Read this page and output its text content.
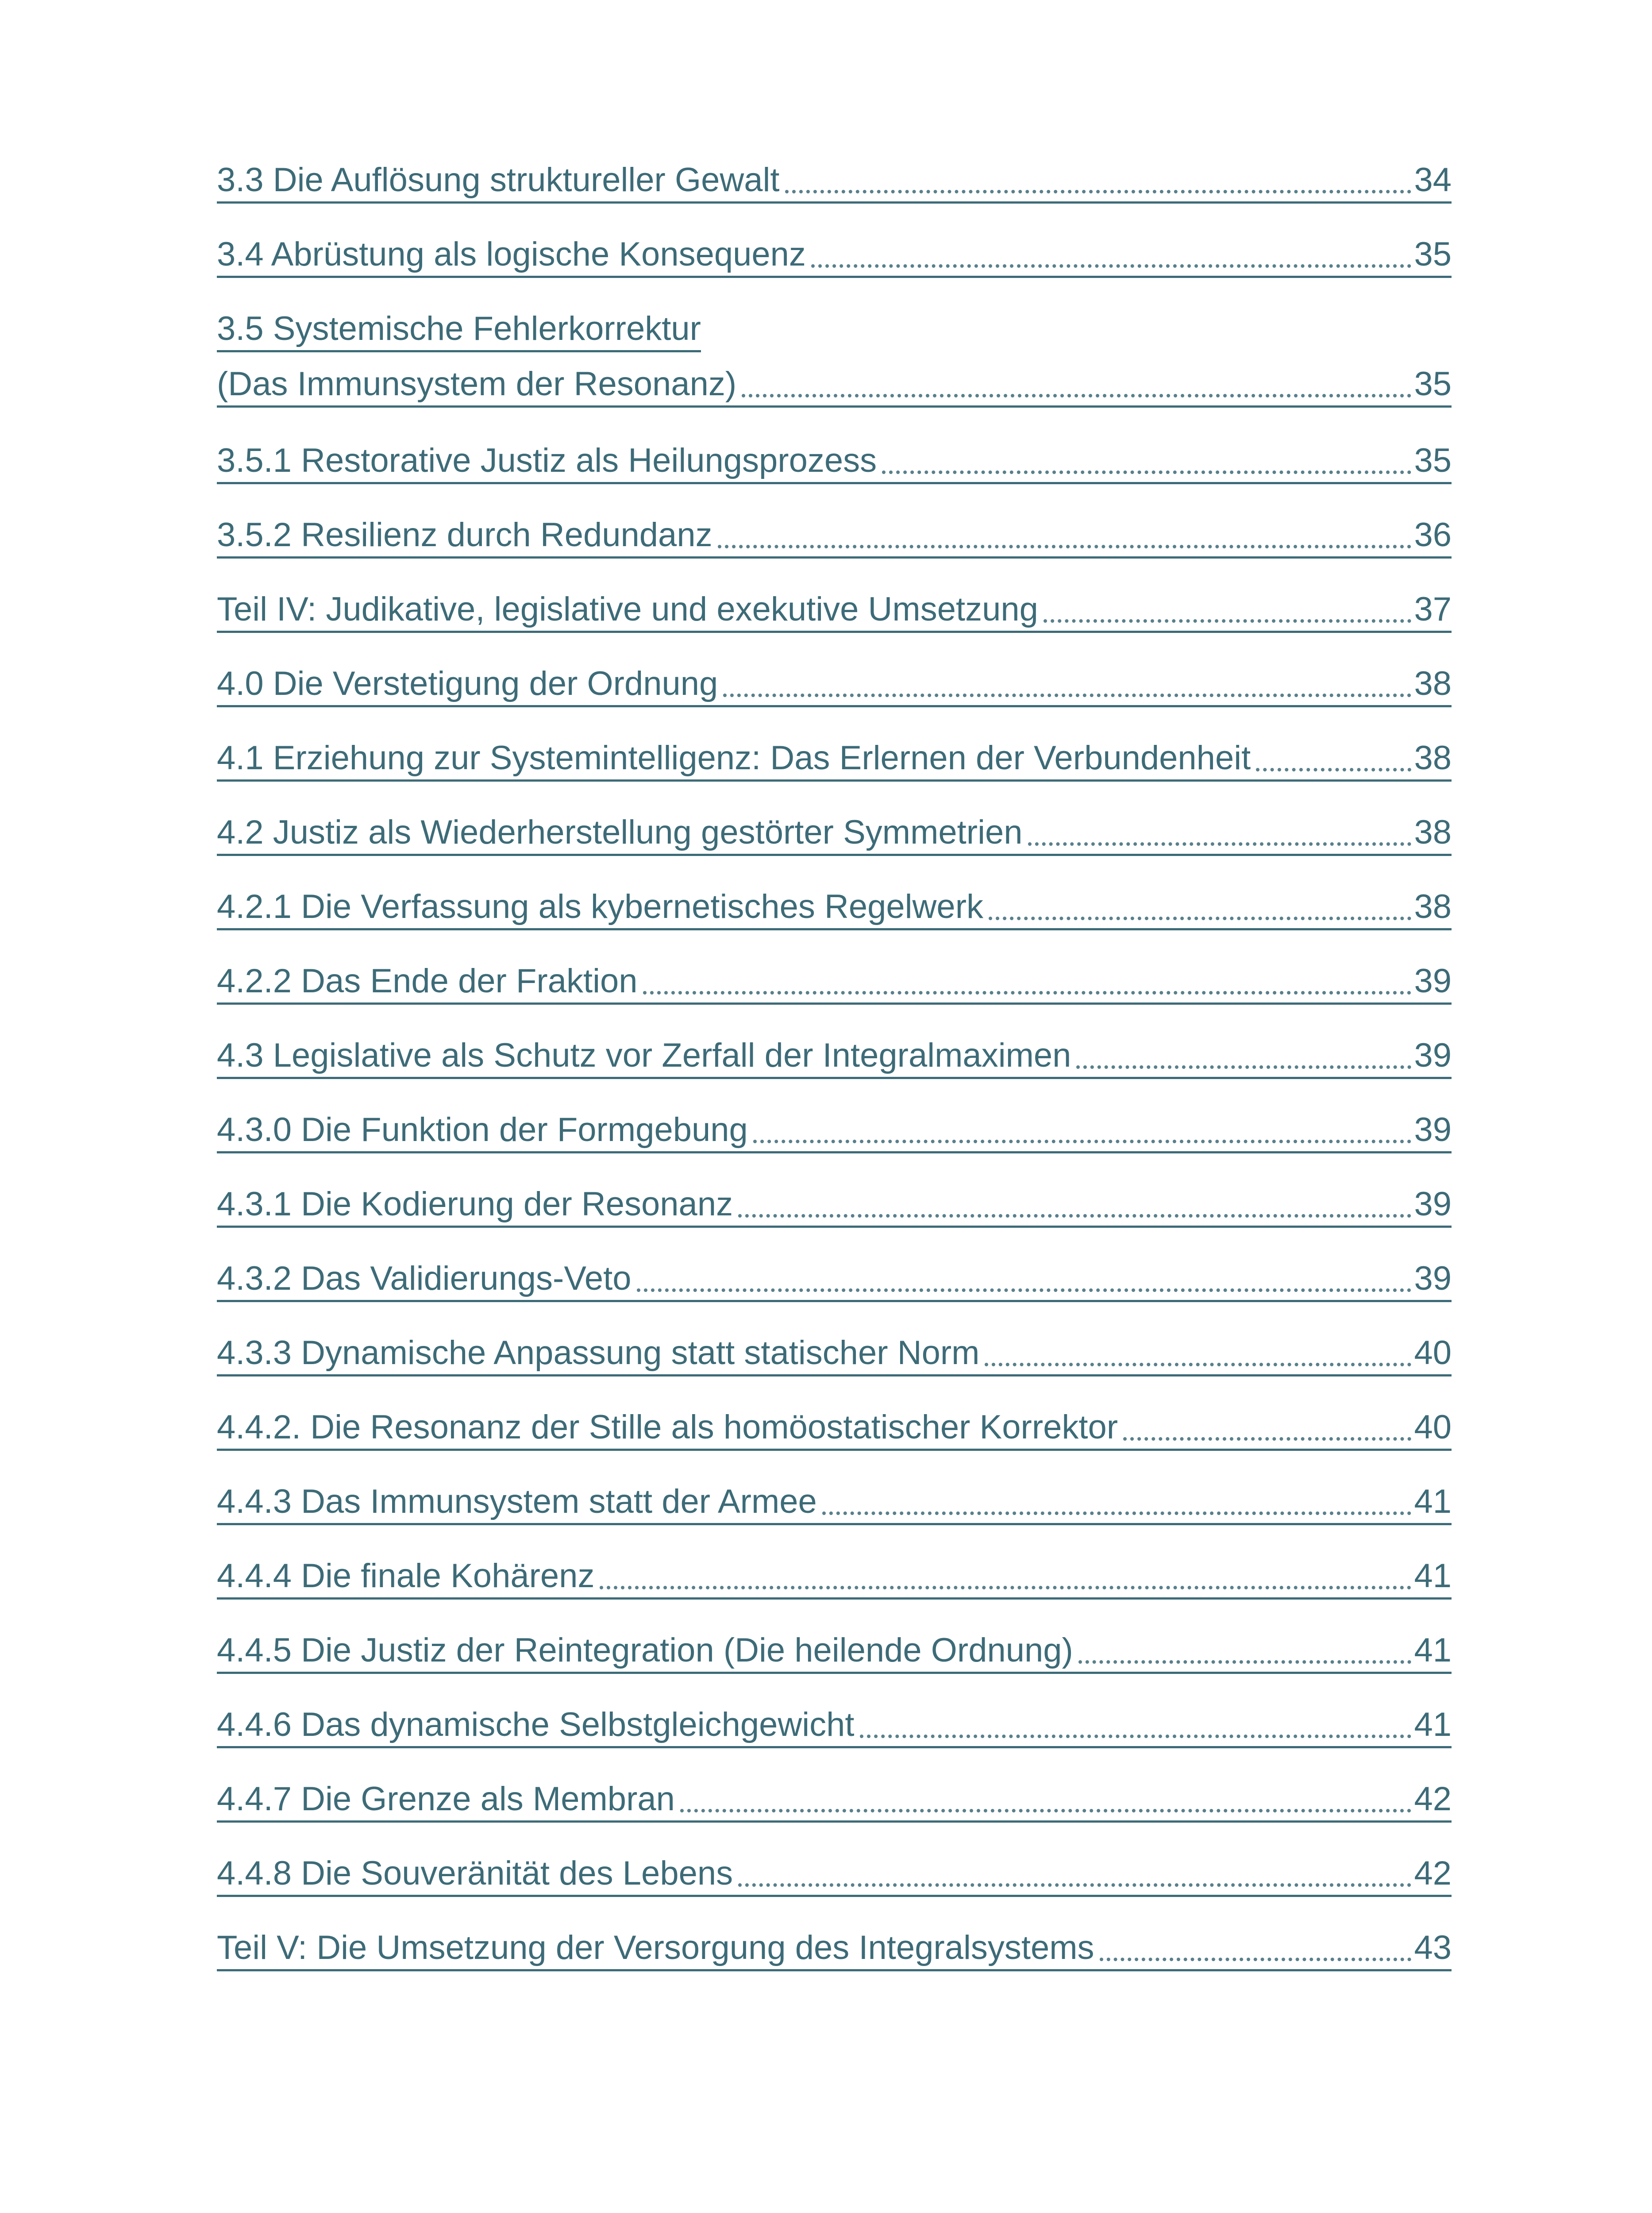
3.3 Die Auflösung struktureller Gewalt	34
3.4 Abrüstung als logische Konsequenz	35
3.5 Systemische Fehlerkorrektur
(Das Immunsystem der Resonanz)	35
3.5.1 Restorative Justiz als Heilungsprozess	35
3.5.2 Resilienz durch Redundanz	36
Teil IV: Judikative, legislative und exekutive Umsetzung	37
4.0 Die Verstetigung der Ordnung	38
4.1 Erziehung zur Systemintelligenz: Das Erlernen der Verbundenheit	38
4.2 Justiz als Wiederherstellung gestörter Symmetrien	38
4.2.1 Die Verfassung als kybernetisches Regelwerk	38
4.2.2 Das Ende der Fraktion	39
4.3 Legislative als Schutz vor Zerfall der Integralmaximen	39
4.3.0 Die Funktion der Formgebung	39
4.3.1 Die Kodierung der Resonanz	39
4.3.2 Das Validierungs-Veto	39
4.3.3 Dynamische Anpassung statt statischer Norm	40
4.4.2. Die Resonanz der Stille als homöostatischer Korrektor	40
4.4.3 Das Immunsystem statt der Armee	41
4.4.4 Die finale Kohärenz	41
4.4.5 Die Justiz der Reintegration (Die heilende Ordnung)	41
4.4.6 Das dynamische Selbstgleichgewicht	41
4.4.7 Die Grenze als Membran	42
4.4.8 Die Souveränität des Lebens	42
Teil V: Die Umsetzung der Versorgung des Integralsystems	43
